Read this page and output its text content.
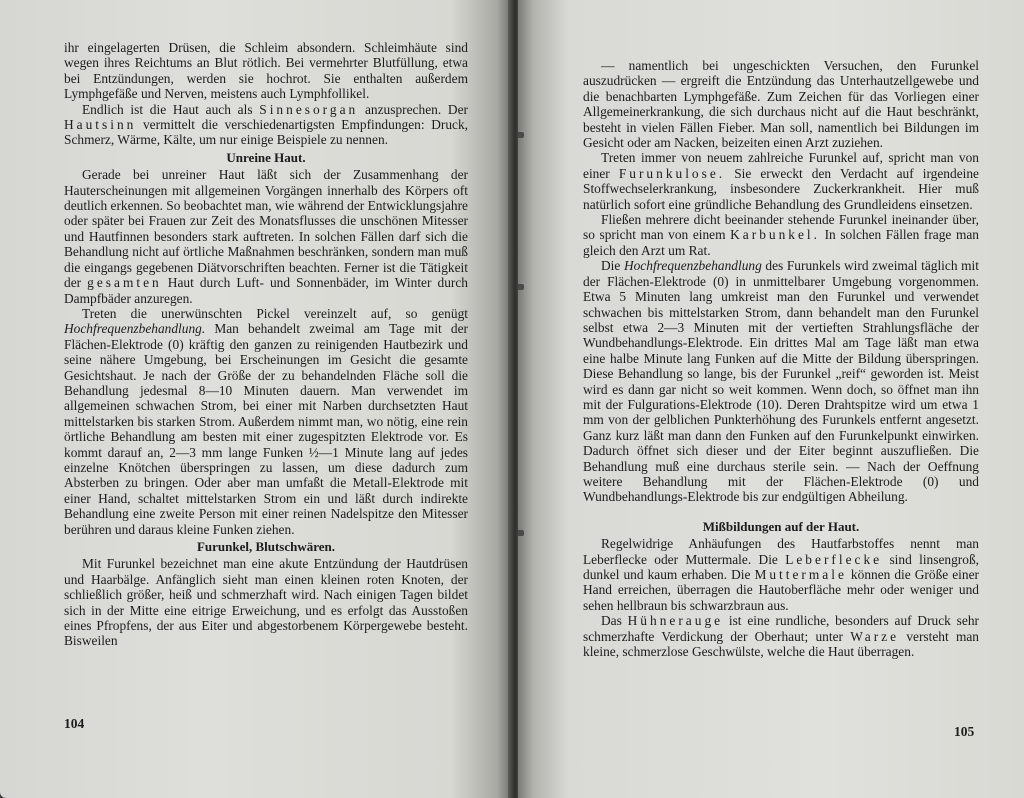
ihr eingelagerten Drüsen, die Schleim absondern. Schleimhäute sind wegen ihres Reichtums an Blut rötlich. Bei vermehrter Blutfüllung, etwa bei Entzündungen, werden sie hochrot. Sie enthalten außerdem Lymphgefäße und Nerven, meistens auch Lymphfollikel.

Endlich ist die Haut auch als Sinnesorgan anzusprechen. Der Hautsinn vermittelt die verschiedenartigsten Empfindungen: Druck, Schmerz, Wärme, Kälte, um nur einige Beispiele zu nennen.

Unreine Haut.

Gerade bei unreiner Haut läßt sich der Zusammenhang der Hauterscheinungen mit allgemeinen Vorgängen innerhalb des Körpers oft deutlich erkennen. So beobachtet man, wie während der Entwicklungsjahre oder später bei Frauen zur Zeit des Monatsflusses die unschönen Mitesser und Hautfinnen besonders stark auftreten. In solchen Fällen darf sich die Behandlung nicht auf örtliche Maßnahmen beschränken, sondern man muß die eingangs gegebenen Diätvorschriften beachten. Ferner ist die Tätigkeit der gesamten Haut durch Luft- und Sonnenbäder, im Winter durch Dampfbäder anzuregen.

Treten die unerwünschten Pickel vereinzelt auf, so genügt Hochfrequenzbehandlung. Man behandelt zweimal am Tage mit der Flächen-Elektrode (0) kräftig den ganzen zu reinigenden Hautbezirk und seine nähere Umgebung, bei Erscheinungen im Gesicht die gesamte Gesichtshaut. Je nach der Größe der zu behandelnden Fläche soll die Behandlung jedesmal 8—10 Minuten dauern. Man verwendet im allgemeinen schwachen Strom, bei einer mit Narben durchsetzten Haut mittelstarken bis starken Strom. Außerdem nimmt man, wo nötig, eine rein örtliche Behandlung am besten mit einer zugespitzten Elektrode vor. Es kommt darauf an, 2—3 mm lange Funken ½—1 Minute lang auf jedes einzelne Knötchen überspringen zu lassen, um diese dadurch zum Absterben zu bringen. Oder aber man umfaßt die Metall-Elektrode mit einer Hand, schaltet mittelstarken Strom ein und läßt durch indirekte Behandlung eine zweite Person mit einer reinen Nadelspitze den Mitesser berühren und daraus kleine Funken ziehen.

Furunkel, Blutschwären.

Mit Furunkel bezeichnet man eine akute Entzündung der Hautdrüsen und Haarbälge. Anfänglich sieht man einen kleinen roten Knoten, der schließlich größer, heiß und schmerzhaft wird. Nach einigen Tagen bildet sich in der Mitte eine eitrige Erweichung, und es erfolgt das Ausstoßen eines Pfropfens, der aus Eiter und abgestorbenem Körpergewebe besteht. Bisweilen

104

— namentlich bei ungeschickten Versuchen, den Furunkel auszudrücken — ergreift die Entzündung das Unterhautzellgewebe und die benachbarten Lymphgefäße. Zum Zeichen für das Vorliegen einer Allgemeinerkrankung, die sich durchaus nicht auf die Haut beschränkt, besteht in vielen Fällen Fieber. Man soll, namentlich bei Bildungen im Gesicht oder am Nacken, beizeiten einen Arzt zuziehen.

Treten immer von neuem zahlreiche Furunkel auf, spricht man von einer Furunkulose. Sie erweckt den Verdacht auf irgendeine Stoffwechselerkrankung, insbesondere Zuckerkrankheit. Hier muß natürlich sofort eine gründliche Behandlung des Grundleidens einsetzen.

Fließen mehrere dicht beeinander stehende Furunkel ineinander über, so spricht man von einem Karbunkel. In solchen Fällen frage man gleich den Arzt um Rat.

Die Hochfrequenzbehandlung des Furunkels wird zweimal täglich mit der Flächen-Elektrode (0) in unmittelbarer Umgebung vorgenommen. Etwa 5 Minuten lang umkreist man den Furunkel und verwendet schwachen bis mittelstarken Strom, dann behandelt man den Furunkel selbst etwa 2—3 Minuten mit der vertieften Strahlungsfläche der Wundbehandlungs-Elektrode. Ein drittes Mal am Tage läßt man etwa eine halbe Minute lang Funken auf die Mitte der Bildung überspringen. Diese Behandlung so lange, bis der Furunkel „reif“ geworden ist. Meist wird es dann gar nicht so weit kommen. Wenn doch, so öffnet man ihn mit der Fulgurations-Elektrode (10). Deren Drahtspitze wird um etwa 1 mm von der gelblichen Punkterhöhung des Furunkels entfernt angesetzt. Ganz kurz läßt man dann den Funken auf den Furunkelpunkt einwirken. Dadurch öffnet sich dieser und der Eiter beginnt auszufließen. Die Behandlung muß eine durchaus sterile sein. — Nach der Oeffnung weitere Behandlung mit der Flächen-Elektrode (0) und Wundbehandlungs-Elektrode bis zur endgültigen Abheilung.

Mißbildungen auf der Haut.

Regelwidrige Anhäufungen des Hautfarbstoffes nennt man Leberflecke oder Muttermale. Die Leberflecke sind linsengroß, dunkel und kaum erhaben. Die Muttermale können die Größe einer Hand erreichen, überragen die Hautoberfläche mehr oder weniger und sehen hellbraun bis schwarzbraun aus.

Das Hühnerauge ist eine rundliche, besonders auf Druck sehr schmerzhafte Verdickung der Oberhaut; unter Warze versteht man kleine, schmerzlose Geschwülste, welche die Haut überragen.

105
